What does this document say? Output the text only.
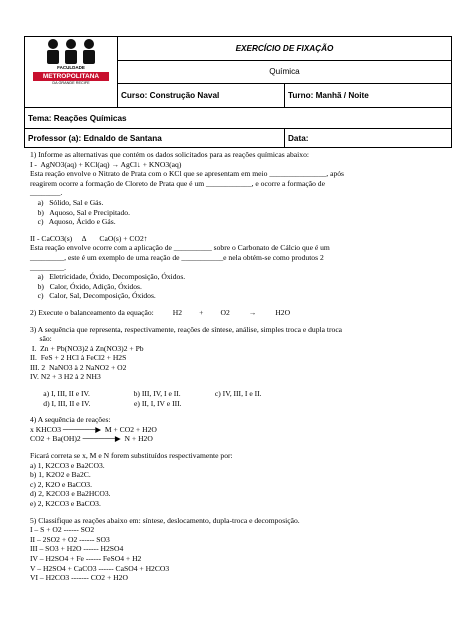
FACULDADE
METROPOLITANA
DA GRANDE RECIFE	EXERCÍCIO DE FIXAÇÃO	
	Química	
	Curso: Construção Naval	Turno: Manhã / Noite
Tema: Reações Químicas		
Professor (a): Ednaldo de Santana		Data:

1) Informe as alternativas que contém os dados solicitados para as reações químicas abaixo:

I -  AgNO3(aq) + KCl(aq) → AgCl↓ + KNO3(aq)

Esta reação envolve o Nitrato de Prata com o KCl que se apresentam em meio _______________, após

reagirem ocorre a formação de Cloreto de Prata que é um ____________, e ocorre a formação de

________.

a)   Sólido, Sal e Gás.

b)   Aquoso, Sal e Precipitado.

c)   Aquoso, Ácido e Gás.

II - CaCO3(s)     Δ       CaO(s) + CO2↑

Esta reação envolve ocorre com a aplicação de __________ sobre o Carbonato de Cálcio que é um

_________, este é um exemplo de uma reação de ___________e nela obtém-se como produtos 2

_________.

a)   Eletricidade, Óxido, Decomposição, Óxidos.

b)   Calor, Óxido, Adição, Óxidos.

c)   Calor, Sal, Decomposição, Óxidos.

2) Execute o balanceamento da equação:          H2         +         O2          →          H2O

3) A sequência que representa, respectivamente, reações de síntese, análise, simples troca e dupla troca

são:

I.  Zn + Pb(NO3)2 à Zn(NO3)2 + Pb

II.  FeS + 2 HCl à FeCl2 + H2S

III. 2  NaNO3 à 2 NaNO2 + O2

IV. N2 + 3 H2 à 2 NH3

a) I, III, II e IV.                       b) III, IV, I e II.                  c) IV, III, I e II.

d) I, III, II e IV.                       e) II, I, IV e III.

4) A sequência de reações:

x KHCO3 ──────▶  M + CO2 + H2O

CO2 + Ba(OH)2 ──────▶  N + H2O

Ficará correta se x, M e N forem substituídos respectivamente por:

a) 1, K2CO3 e Ba2CO3.

b) 1, K2O2 e Ba2C.

c) 2, K2O e BaCO3.

d) 2, K2CO3 e Ba2HCO3.

e) 2, K2CO3 e BaCO3.

5) Classifique as reações abaixo em: síntese, deslocamento, dupla-troca e decomposição.

I – S + O2 ------ SO2

II – 2SO2 + O2 ------ SO3

III – SO3 + H2O ------ H2SO4

IV – H2SO4 + Fe ------ FeSO4 + H2

V – H2SO4 + CaCO3 ------ CaSO4 + H2CO3

VI – H2CO3 ------- CO2 + H2O
